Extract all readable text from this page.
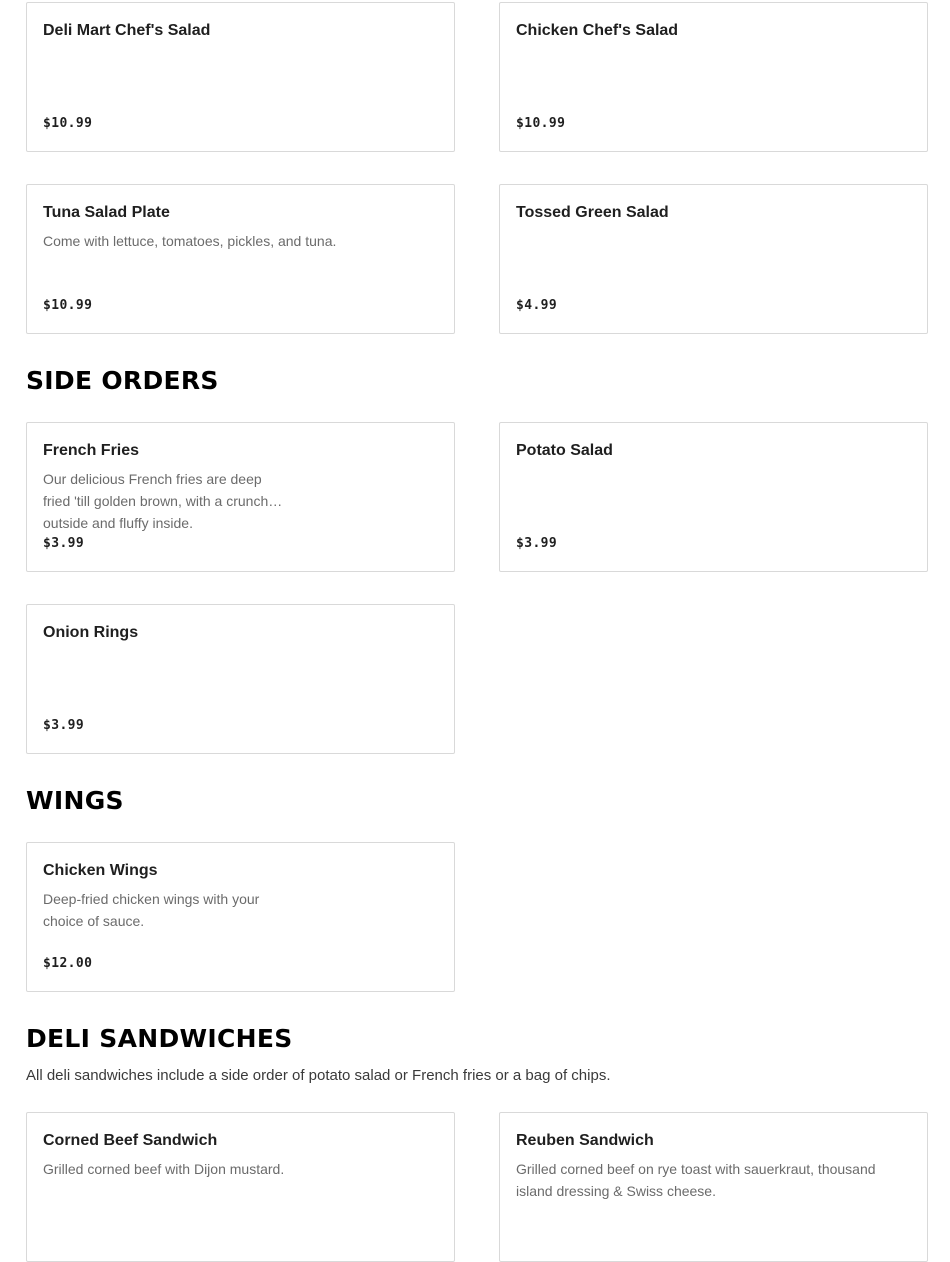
Deli Mart Chef's Salad
$10.99
Chicken Chef's Salad
$10.99
Tuna Salad Plate
Come with lettuce, tomatoes, pickles, and tuna.
$10.99
Tossed Green Salad
$4.99
SIDE ORDERS
French Fries
Our delicious French fries are deep fried 'till golden brown, with a crunchy outside and fluffy inside.
$3.99
Potato Salad
$3.99
Onion Rings
$3.99
WINGS
Chicken Wings
Deep-fried chicken wings with your choice of sauce.
$12.00
DELI SANDWICHES
All deli sandwiches include a side order of potato salad or French fries or a bag of chips.
Corned Beef Sandwich
Grilled corned beef with Dijon mustard.
Reuben Sandwich
Grilled corned beef on rye toast with sauerkraut, thousand island dressing & Swiss cheese.
